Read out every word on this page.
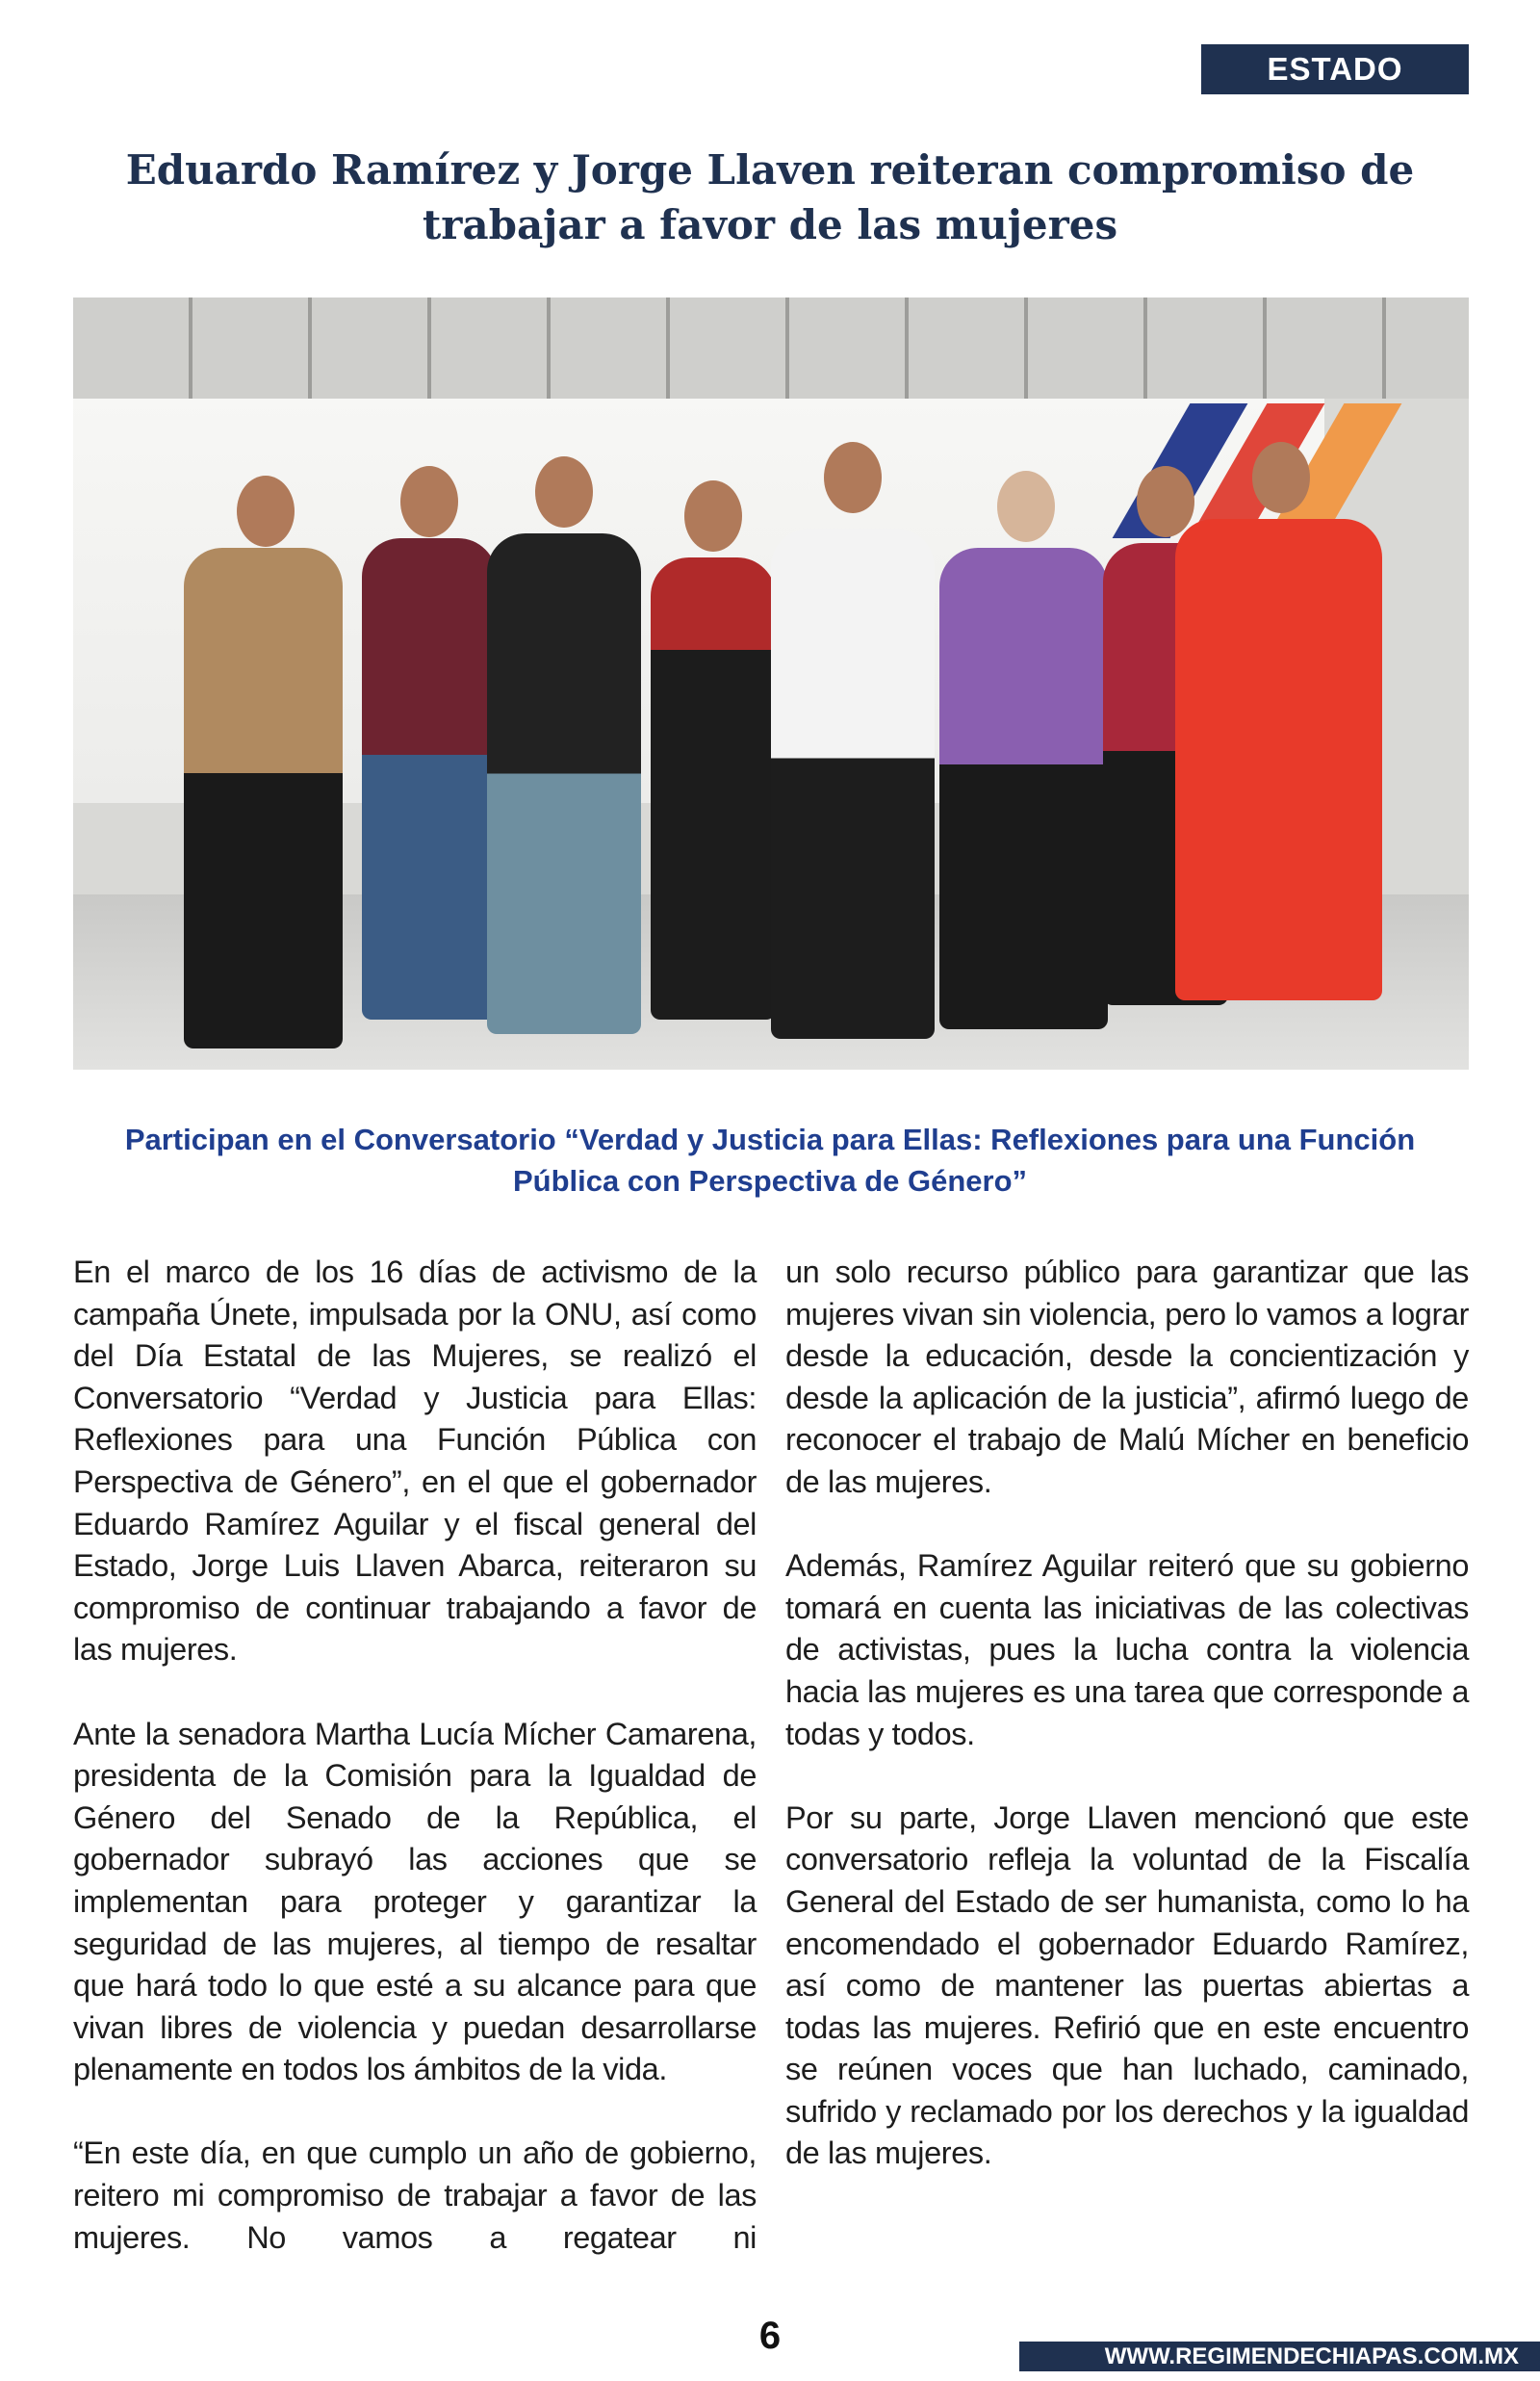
ESTADO
Eduardo Ramírez y Jorge Llaven reiteran compromiso de trabajar a favor de las mujeres
Participan en el Conversatorio “Verdad y Justicia para Ellas: Reflexiones para una Función Pública con Perspectiva de Género”

En el marco de los 16 días de activismo de la campaña Únete, impulsada por la ONU, así como del Día Estatal de las Mujeres, se realizó el Conversatorio “Verdad y Justicia para Ellas: Reflexiones para una Función Pública con Perspectiva de Género”, en el que el gobernador Eduardo Ramírez Aguilar y el fiscal general del Estado, Jorge Luis Llaven Abarca, reiteraron su compromiso de continuar trabajando a favor de las mujeres.

Ante la senadora Martha Lucía Mícher Camarena, presidenta de la Comisión para la Igualdad de Género del Senado de la República, el gobernador subrayó las acciones que se implementan para proteger y garantizar la seguridad de las mujeres, al tiempo de resaltar que hará todo lo que esté a su alcance para que vivan libres de violencia y puedan desarrollarse plenamente en todos los ámbitos de la vida.

“En este día, en que cumplo un año de gobierno, reitero mi compromiso de trabajar a favor de las mujeres. No vamos a regatear ni

un solo recurso público para garantizar que las mujeres vivan sin violencia, pero lo vamos a lograr desde la educación, desde la concientización y desde la aplicación de la justicia”, afirmó luego de reconocer el trabajo de Malú Mícher en beneficio de las mujeres.

Además, Ramírez Aguilar reiteró que su gobierno tomará en cuenta las iniciativas de las colectivas de activistas, pues la lucha contra la violencia hacia las mujeres es una tarea que corresponde a todas y todos.

Por su parte, Jorge Llaven mencionó que este conversatorio refleja la voluntad de la Fiscalía General del Estado de ser humanista, como lo ha encomendado el gobernador Eduardo Ramírez, así como de mantener las puertas abiertas a todas las mujeres. Refirió que en este encuentro se reúnen voces que han luchado, caminado, sufrido y reclamado por los derechos y la igualdad de las mujeres.

6	WWW.REGIMENDECHIAPAS.COM.MX
